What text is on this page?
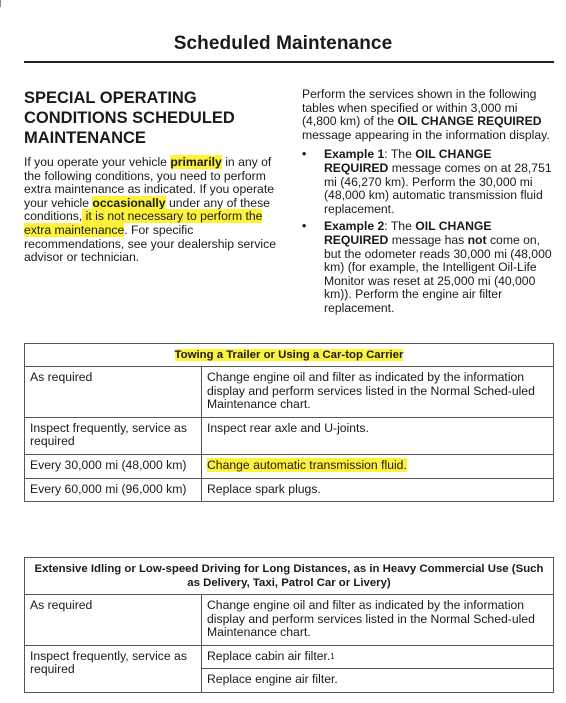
Scheduled Maintenance
SPECIAL OPERATING CONDITIONS SCHEDULED MAINTENANCE

If you operate your vehicle primarily in any of the following conditions, you need to perform extra maintenance as indicated. If you operate your vehicle occasionally under any of these conditions, it is not necessary to perform the extra maintenance. For specific recommendations, see your dealership service advisor or technician.

Perform the services shown in the following tables when specified or within 3,000 mi (4,800 km) of the OIL CHANGE REQUIRED message appearing in the information display.

• Example 1: The OIL CHANGE REQUIRED message comes on at 28,751 mi (46,270 km). Perform the 30,000 mi (48,000 km) automatic transmission fluid replacement.
• Example 2: The OIL CHANGE REQUIRED message has not come on, but the odometer reads 30,000 mi (48,000 km) (for example, the Intelligent Oil-Life Monitor was reset at 25,000 mi (40,000 km)). Perform the engine air filter replacement.
Towing a Trailer or Using a Car-top Carrier	
As required	Change engine oil and filter as indicated by the information display and perform services listed in the Normal Sched-uled Maintenance chart.
Inspect frequently, service as required	Inspect rear axle and U-joints.
Every 30,000 mi (48,000 km)	Change automatic transmission fluid.
Every 60,000 mi (96,000 km)	Replace spark plugs.
Extensive Idling or Low-speed Driving for Long Distances, as in Heavy Commercial Use (Such as Delivery, Taxi, Patrol Car or Livery)	
As required	Change engine oil and filter as indicated by the information display and perform services listed in the Normal Sched-uled Maintenance chart.
Inspect frequently, service as required	Replace cabin air filter.$^1$
	Replace engine air filter.
